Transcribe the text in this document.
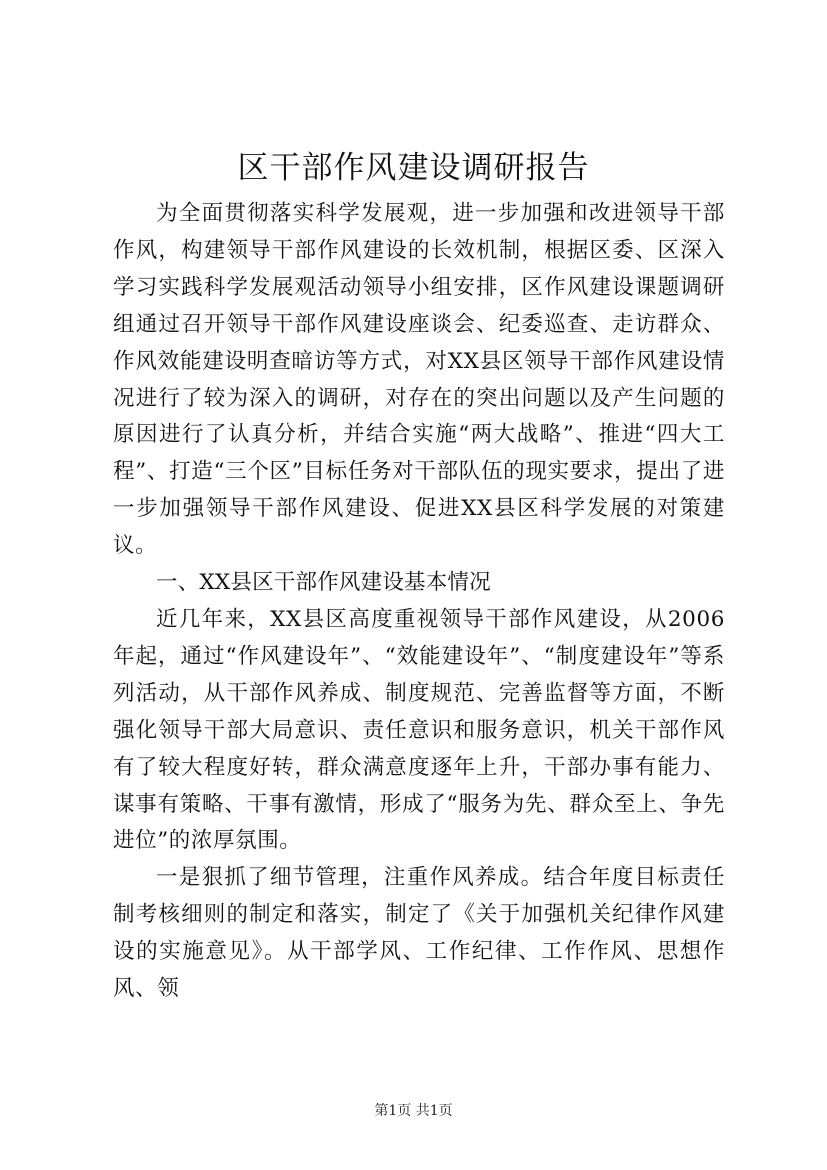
区干部作风建设调研报告

为全面贯彻落实科学发展观，进一步加强和改进领导干部作风，构建领导干部作风建设的长效机制，根据区委、区深入学习实践科学发展观活动领导小组安排，区作风建设课题调研组通过召开领导干部作风建设座谈会、纪委巡查、走访群众、作风效能建设明查暗访等方式，对XX县区领导干部作风建设情况进行了较为深入的调研，对存在的突出问题以及产生问题的原因进行了认真分析，并结合实施“两大战略”、推进“四大工程”、打造“三个区”目标任务对干部队伍的现实要求，提出了进一步加强领导干部作风建设、促进XX县区科学发展的对策建议。

一、XX县区干部作风建设基本情况

近几年来，XX县区高度重视领导干部作风建设，从2006年起，通过“作风建设年”、“效能建设年”、“制度建设年”等系列活动，从干部作风养成、制度规范、完善监督等方面，不断强化领导干部大局意识、责任意识和服务意识，机关干部作风有了较大程度好转，群众满意度逐年上升，干部办事有能力、谋事有策略、干事有激情，形成了“服务为先、群众至上、争先进位”的浓厚氛围。

一是狠抓了细节管理，注重作风养成。结合年度目标责任制考核细则的制定和落实，制定了《关于加强机关纪律作风建设的实施意见》。从干部学风、工作纪律、工作作风、思想作风、领

第1页 共1页
